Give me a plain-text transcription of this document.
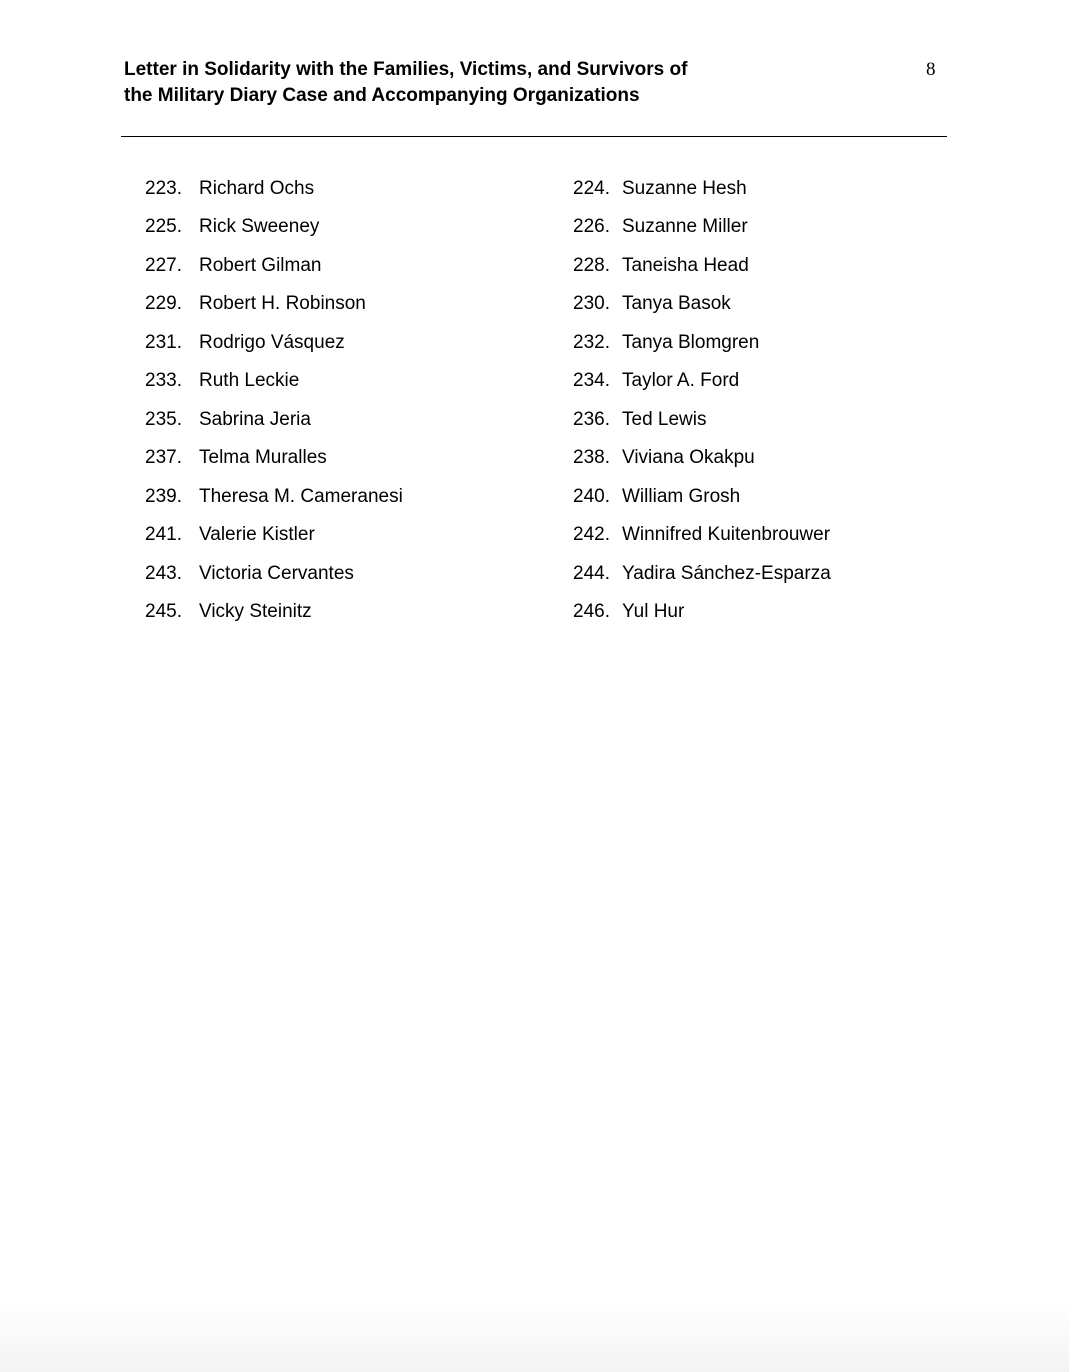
Letter in Solidarity with the Families, Victims, and Survivors of
the Military Diary Case and Accompanying Organizations
8
223. Richard Ochs	224. Suzanne Hesh
225. Rick Sweeney	226. Suzanne Miller
227. Robert Gilman	228. Taneisha Head
229. Robert H. Robinson	230. Tanya Basok
231. Rodrigo Vásquez	232. Tanya Blomgren
233. Ruth Leckie	234. Taylor A. Ford
235. Sabrina Jeria	236. Ted Lewis
237. Telma Muralles	238. Viviana Okakpu
239. Theresa M. Cameranesi	240. William Grosh
241. Valerie Kistler	242. Winnifred Kuitenbrouwer
243. Victoria Cervantes	244. Yadira Sánchez-Esparza
245. Vicky Steinitz	246. Yul Hur
